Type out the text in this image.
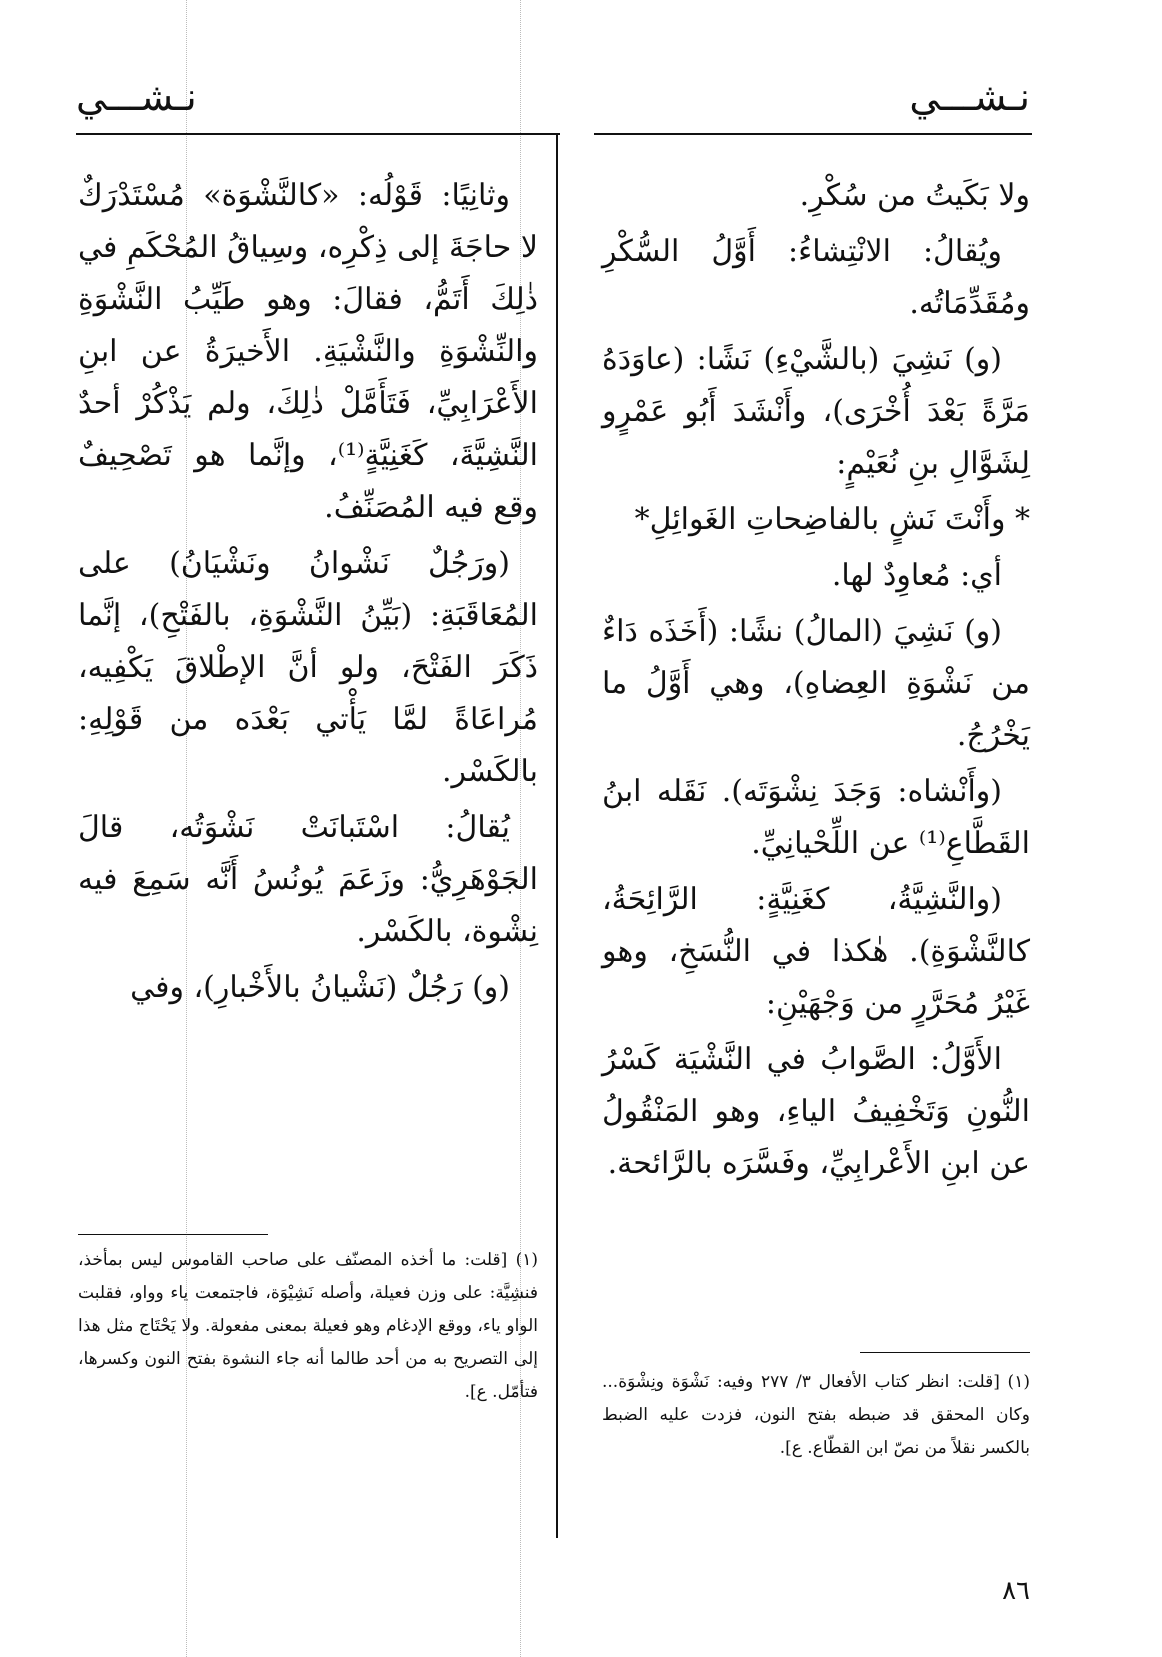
نـشـــي
نـشـــي

ولا بَكَيتُ من سُكْرِ.

ويُقالُ: الانْتِشاءُ: أَوَّلُ السُّكْرِ ومُقَدِّمَاتُه.

(و) نَشِيَ (بالشَّيْءِ) نَشًا: (عاوَدَهُ مَرَّةً بَعْدَ أُخْرَى)، وأَنْشَدَ أَبُو عَمْرٍو لِشَوَّالِ بنِ نُعَيْمٍ:

* وأَنْتَ نَشٍ بالفاضِحاتِ الغَوائِلِ*

أي: مُعاوِدٌ لها.

(و) نَشِيَ (المالُ) نشًا: (أَخَذَه دَاءٌ من نَشْوَةِ العِضاهِ)، وهي أَوَّلُ ما يَخْرُجُ.

(وأَنْشاه: وَجَدَ نِشْوَتَه). نَقَله ابنُ القَطَّاعِ⁽¹⁾ عن اللِّحْيانِيِّ.

(والنَّشِيَّةُ، كغَنِيَّةٍ: الرَّائِحَةُ، كالنَّشْوَةِ). هٰكذا في النُّسَخِ، وهو غَيْرُ مُحَرَّرٍ من وَجْهَيْنِ:

الأَوَّلُ: الصَّوابُ في النَّشْيَة كَسْرُ النُّونِ وَتَخْفِيفُ الياءِ، وهو المَنْقُولُ عن ابنِ الأَعْرابِيِّ، وفَسَّرَه بالرَّائحة.

وثانِيًا: قَوْلُه: «كالنَّشْوَة» مُسْتَدْرَكٌ لا حاجَةَ إلى ذِكْرِه، وسِياقُ المُحْكَمِ في ذٰلِكَ أَتَمُّ، فقالَ: وهو طَيِّبُ النَّشْوَةِ والنِّشْوَةِ والنَّشْيَةِ. الأَخيرَةُ عن ابنِ الأَعْرَابِيِّ، فَتَأَمَّلْ ذٰلِكَ، ولم يَذْكُرْ أحدٌ النَّشِيَّةَ، كَغَنِيَّةٍ⁽¹⁾، وإنَّما هو تَصْحِيفٌ وقع فيه المُصَنِّفُ.

(ورَجُلٌ نَشْوانُ ونَشْيَانُ) على المُعَاقَبَةِ: (بَيِّنُ النَّشْوَةِ، بالفَتْحِ)، إنَّما ذَكَرَ الفَتْحَ، ولو أنَّ الإطْلاقَ يَكْفِيه، مُراعَاةً لمَّا يَأْتي بَعْدَه من قَوْلِهِ: بالكَسْر.

يُقالُ: اسْتَبانَتْ نَشْوَتُه، قالَ الجَوْهَرِيُّ: وزَعَمَ يُونُسُ أَنَّه سَمِعَ فيه نِشْوة، بالكَسْر.

(و) رَجُلٌ (نَشْيانُ بالأَخْبارِ)، وفي

(١) [قلت: انظر كتاب الأفعال ٣/ ٢٧٧ وفيه: نَشْوَة ونِشْوَة... وكان المحقق قد ضبطه بفتح النون، فزدت عليه الضبط بالكسر نقلاً من نصّ ابن القطّاع. ع].
(١) [قلت: ما أخذه المصنّف على صاحب القاموس ليس بمأخذ، فنشِيَّة: على وزن فعيلة، وأصله نَشِيْوَة، فاجتمعت ياء وواو، فقلبت الواو ياء، ووقع الإدغام وهو فعيلة بمعنى مفعولة. ولا يَحْتَاج مثل هذا إلى التصريح به من أحد طالما أنه جاء النشوة بفتح النون وكسرها، فتأمّل. ع].
٨٦
